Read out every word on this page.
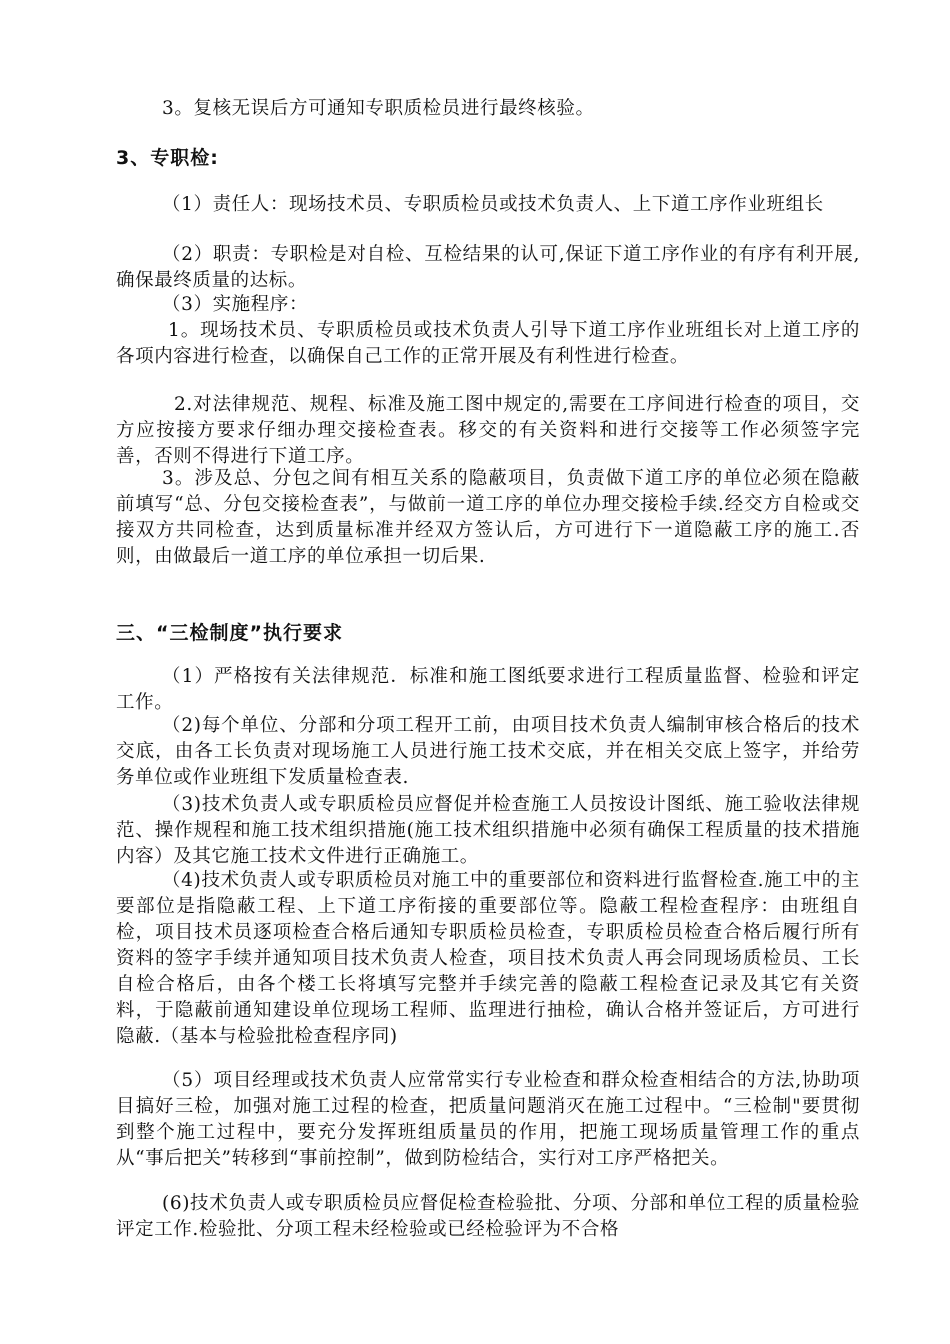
3。复核无误后方可通知专职质检员进行最终核验。

3、专职检:

（1）责任人：现场技术员、专职质检员或技术负责人、上下道工序作业班组长

（2）职责：专职检是对自检、互检结果的认可,保证下道工序作业的有序有利开展,确保最终质量的达标。

（3）实施程序：

1。现场技术员、专职质检员或技术负责人引导下道工序作业班组长对上道工序的各项内容进行检查，以确保自己工作的正常开展及有利性进行检查。

2.对法律规范、规程、标准及施工图中规定的,需要在工序间进行检查的项目，交方应按接方要求仔细办理交接检查表。移交的有关资料和进行交接等工作必须签字完善，否则不得进行下道工序。

3。涉及总、分包之间有相互关系的隐蔽项目，负责做下道工序的单位必须在隐蔽前填写“总、分包交接检查表”，与做前一道工序的单位办理交接检手续.经交方自检或交接双方共同检查，达到质量标准并经双方签认后，方可进行下一道隐蔽工序的施工.否则，由做最后一道工序的单位承担一切后果.

三、“三检制度”执行要求

（1）严格按有关法律规范．标准和施工图纸要求进行工程质量监督、检验和评定工作。

（2)每个单位、分部和分项工程开工前，由项目技术负责人编制审核合格后的技术交底，由各工长负责对现场施工人员进行施工技术交底，并在相关交底上签字，并给劳务单位或作业班组下发质量检查表.

（3)技术负责人或专职质检员应督促并检查施工人员按设计图纸、施工验收法律规范、操作规程和施工技术组织措施(施工技术组织措施中必须有确保工程质量的技术措施内容）及其它施工技术文件进行正确施工。

（4)技术负责人或专职质检员对施工中的重要部位和资料进行监督检查.施工中的主要部位是指隐蔽工程、上下道工序衔接的重要部位等。隐蔽工程检查程序：由班组自检，项目技术员逐项检查合格后通知专职质检员检查，专职质检员检查合格后履行所有资料的签字手续并通知项目技术负责人检查，项目技术负责人再会同现场质检员、工长自检合格后，由各个楼工长将填写完整并手续完善的隐蔽工程检查记录及其它有关资料，于隐蔽前通知建设单位现场工程师、监理进行抽检，确认合格并签证后，方可进行隐蔽.（基本与检验批检查程序同)

（5）项目经理或技术负责人应常常实行专业检查和群众检查相结合的方法,协助项目搞好三检，加强对施工过程的检查，把质量问题消灭在施工过程中。“三检制"要贯彻到整个施工过程中，要充分发挥班组质量员的作用，把施工现场质量管理工作的重点从“事后把关”转移到“事前控制”，做到防检结合，实行对工序严格把关。

(6)技术负责人或专职质检员应督促检查检验批、分项、分部和单位工程的质量检验评定工作.检验批、分项工程未经检验或已经检验评为不合格
